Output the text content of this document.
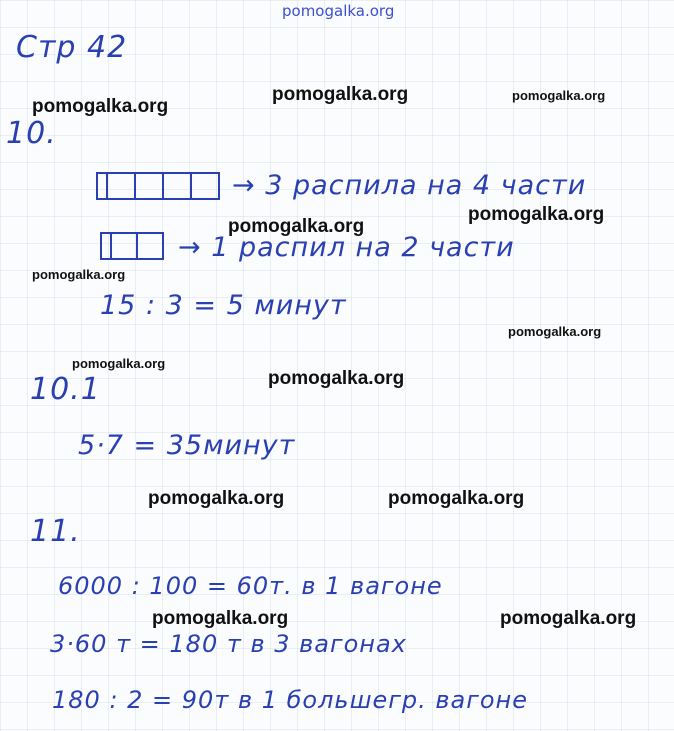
pomogalka.org
Стр 42
10.
→ 3 распила на 4 части
→ 1 распил на 2 части
15 : 3 = 5 минут
10.1
5·7 = 35минут
11.
6000 : 100 = 60т. в 1 вагоне
3·60 т = 180 т в 3 вагонах
180 : 2 = 90т в 1 большегр. вагоне
pomogalka.org
pomogalka.org	pomogalka.org
pomogalka.org
pomogalka.org
pomogalka.org
pomogalka.org
pomogalka.org
pomogalka.org
pomogalka.org	pomogalka.org
pomogalka.org	pomogalka.org
